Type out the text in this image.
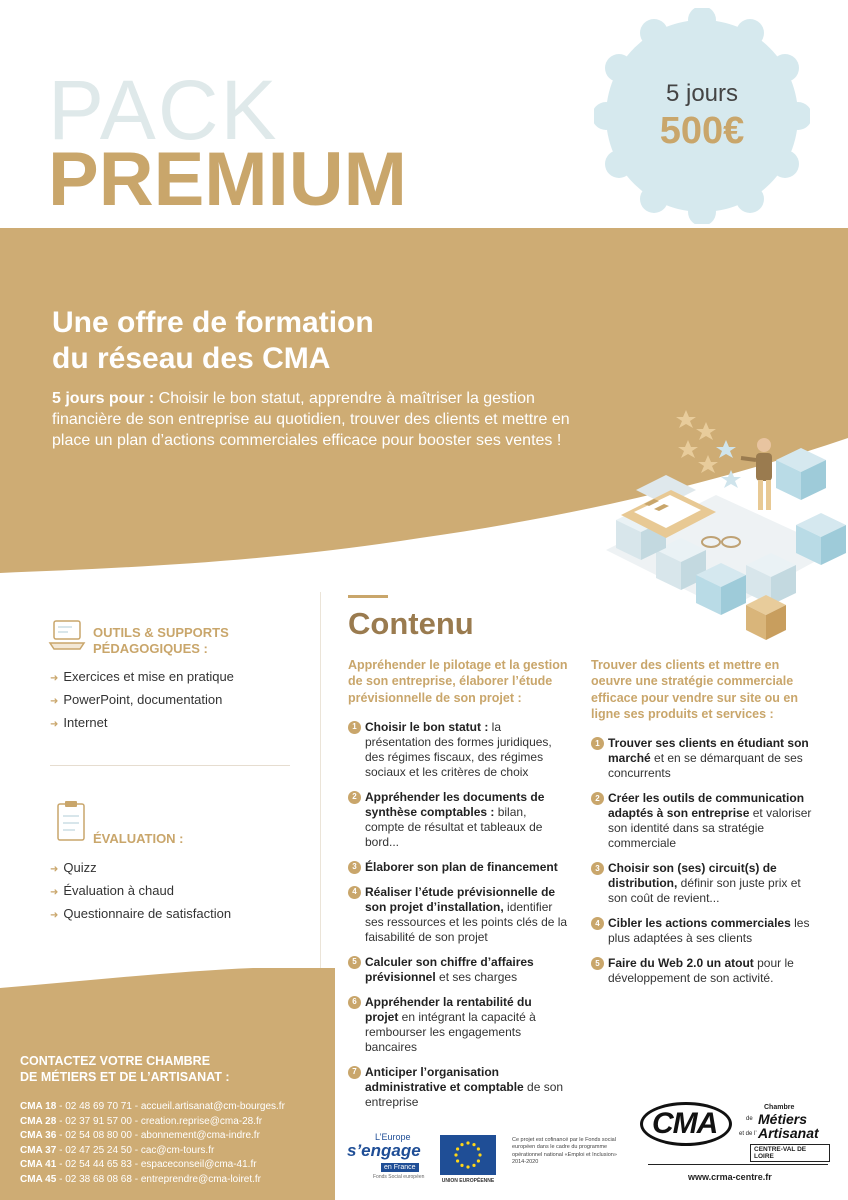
PACK
PREMIUM
5 jours
500€
Une offre de formation
du réseau des CMA
5 jours pour : Choisir le bon statut, apprendre à maîtriser la gestion financière de son entreprise au quotidien, trouver des clients et mettre en place un plan d’actions commerciales efficace pour booster ses ventes !
OUTILS & SUPPORTS PÉDAGOGIQUES :
➜ Exercices et mise en pratique
➜ PowerPoint, documentation
➜ Internet
ÉVALUATION :
➜ Quizz
➜ Évaluation à chaud
➜ Questionnaire de satisfaction
Contenu
Appréhender le pilotage et la gestion de son entreprise, élaborer l’étude prévisionnelle de son projet :
1 Choisir le bon statut : la présentation des formes juridiques, des régimes fiscaux, des régimes sociaux et les critères de choix
2 Appréhender les documents de synthèse comptables : bilan, compte de résultat et tableaux de bord...
3 Élaborer son plan de financement
4 Réaliser l’étude prévisionnelle de son projet d’installation, identifier ses ressources et les points clés de la faisabilité de son projet
5 Calculer son chiffre d’affaires prévisionnel et ses charges
6 Appréhender la rentabilité du projet en intégrant la capacité à rembourser les engagements bancaires
7 Anticiper l’organisation administrative et comptable de son entreprise
Trouver des clients et mettre en oeuvre une stratégie commerciale efficace pour vendre sur site ou en ligne ses produits et services :
1 Trouver ses clients en étudiant son marché et en se démarquant de ses concurrents
2 Créer les outils de communication adaptés à son entreprise et valoriser son identité dans sa stratégie commerciale
3 Choisir son (ses) circuit(s) de distribution, définir son juste prix et son coût de revient...
4 Cibler les actions commerciales les plus adaptées à ses clients
5 Faire du Web 2.0 un atout pour le développement de son activité.
CONTACTEZ VOTRE CHAMBRE
DE MÉTIERS ET DE L’ARTISANAT :
CMA 18 - 02 48 69 70 71 - accueil.artisanat@cm-bourges.fr
CMA 28 - 02 37 91 57 00 - creation.reprise@cma-28.fr
CMA 36 - 02 54 08 80 00 - abonnement@cma-indre.fr
CMA 37 - 02 47 25 24 50 - cac@cm-tours.fr
CMA 41 - 02 54 44 65 83 - espaceconseil@cma-41.fr
CMA 45 - 02 38 68 08 68 - entreprendre@cma-loiret.fr
L’Europe
s’engage
en France
Fonds Social européen
UNION EUROPÉENNE
Ce projet est cofinancé par le Fonds social européen dans le cadre du programme opérationnel national «Emploi et Inclusion» 2014-2020
CMA	Chambre
de Métiers
et de l’ Artisanat
CENTRE-VAL DE LOIRE
www.crma-centre.fr
